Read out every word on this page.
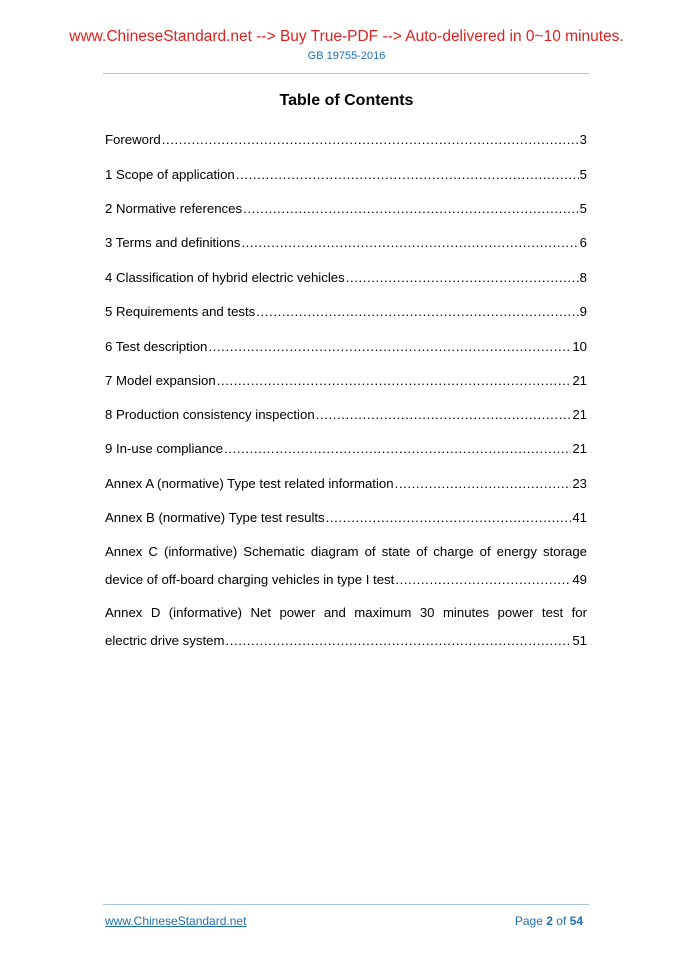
www.ChineseStandard.net --> Buy True-PDF --> Auto-delivered in 0~10 minutes.
GB 19755-2016
Table of Contents
Foreword .....	3
1 Scope of application .....	5
2 Normative references .....	5
3 Terms and definitions .....	6
4 Classification of hybrid electric vehicles .....	8
5 Requirements and tests .....	9
6 Test description .....	10
7 Model expansion .....	21
8 Production consistency inspection .....	21
9 In-use compliance .....	21
Annex A (normative) Type test related information .....	23
Annex B (normative) Type test results .....	41
Annex C (informative) Schematic diagram of state of charge of energy storage
device of off-board charging vehicles in type I test .....	49
Annex D (informative) Net power and maximum 30 minutes power test for
electric drive system .....	51
www.ChineseStandard.net	Page 2 of 54
